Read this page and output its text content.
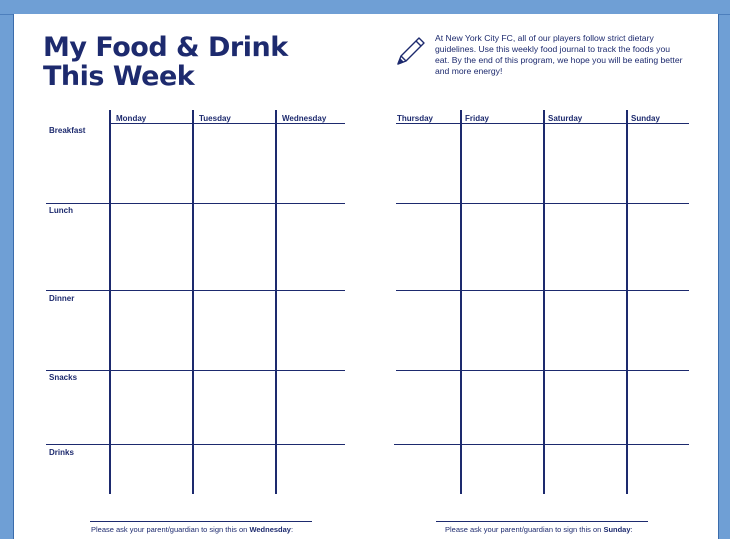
My Food & Drink
This Week
At New York City FC, all of our players follow strict dietary guidelines. Use this weekly food journal to track the foods you eat. By the end of this program, we hope you will be eating better and more energy!
Monday	Tuesday	Wednesday
Breakfast
Lunch
Dinner
Snacks
Drinks
Thursday	Friday	Saturday	Sunday
Please ask your parent/guardian to sign this on Wednesday:	Please ask your parent/guardian to sign this on Sunday:
